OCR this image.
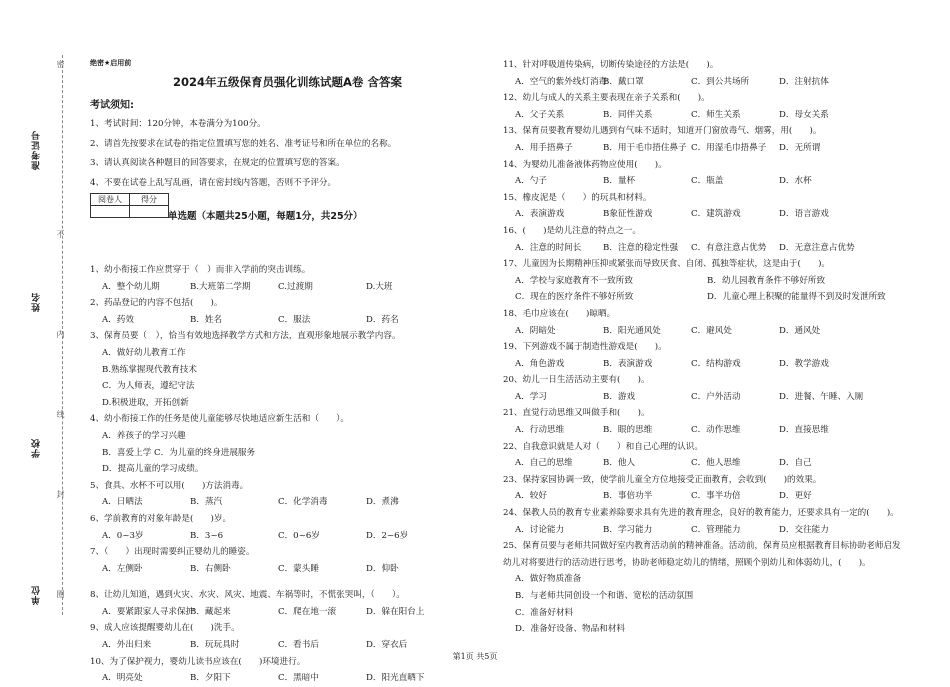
准考证号
姓名
学校
单位
密
不
内
线
封
圈
绝密★启用前
2024年五级保育员强化训练试题A卷 含答案
考试须知:
1、考试时间：120分钟，本卷满分为100分。
2、请首先按要求在试卷的指定位置填写您的姓名、准考证号和所在单位的名称。
3、请认真阅读各种题目的回答要求，在规定的位置填写您的答案。
4、不要在试卷上乱写乱画，请在密封线内答题，否则不予评分。
阅卷人	得分

单选题（本题共25小题，每题1分，共25分）
1、幼小衔接工作应贯穿于（　）而非入学前的突击训练。
A．整个幼儿期	B.大班第二学期	C.过渡期	D.大班
2、药品登记的内容不包括(　　)。
A．药效	B．姓名	C．服法	D．药名
3、保育员要（　），恰当有效地选择教学方式和方法，直观形象地展示教学内容。
A．做好幼儿教育工作
B.熟练掌握现代教育技术
C．为人师表，遵纪守法
D.积极进取，开拓创新
4、幼小衔接工作的任务是使儿童能够尽快地适应新生活和（　　）。
A．养孩子的学习兴趣
B．喜爱上学 C．为儿童的终身进展服务
D．提高儿童的学习成绩。
5、食具、水杯不可以用(　　)方法消毒。
A．日晒法	B．蒸汽	C．化学消毒	D．煮沸
6、学前教育的对象年龄是(　　)岁。
A．0~3岁	B．3~6	C．0~6岁	D．2~6岁
7、（　　）出现时需要纠正婴幼儿的睡姿。
A．左侧卧	B．右侧卧	C．蒙头睡	D．仰卧
8、让幼儿知道，遇到火灾、水灾、风灾、地震、车祸等时，不慌张哭叫，（　　）。
A．要紧跟家人寻求保护
B．藏起来	C．爬在地一滚	D．躲在阳台上
9、成人应该提醒婴幼儿在(　　)洗手。
A．外出归来	B．玩玩具时	C．看书后	D．穿衣后
10、为了保护视力，婴幼儿读书应该在(　　)环境进行。
A．明亮处	B．夕阳下	C．黑暗中	D．阳光直晒下
11、针对呼吸道传染病，切断传染途径的方法是(　　)。
A．空气的紫外线灯消毒
B．戴口罩	C．到公共场所	D．注射抗体
12、幼儿与成人的关系主要表现在亲子关系和(　　)。
A．父子关系	B．同伴关系	C．师生关系	D．母女关系
13、保育员要教育婴幼儿遇到有气味不适时，知道开门窗放毒气、烟雾，用(　　)。
A．用手捂鼻子	B．用干毛巾捂住鼻子 C．用湿毛巾捂鼻子	D．无所谓
14、为婴幼儿准备液体药物应使用(　　)。
A．勺子	B．量杯	C．瓶盖	D．水杯
15、橡皮泥是（　　）的玩具和材料。
A．表演游戏	B象征性游戏	C．建筑游戏	D．语言游戏
16、(　　)是幼儿注意的特点之一。
A．注意的时间长	B．注意的稳定性强	C．有意注意占优势	D．无意注意占优势
17、儿童因为长期精神压抑或紧张而导致厌食、自闭、孤独等症状，这是由于(　　)。
A．学校与家庭教育不一致所致	B．幼儿园教育条件不够好所致
C．现在的医疗条件不够好所致	D．儿童心理上积聚的能量得不到及时发泄所致
18、毛巾应该在(　　)晾晒。
A．阴暗处	B．阳光通风处	C．避风处	D．通风处
19、下列游戏不属于制造性游戏是(　　)。
A．角色游戏	B．表演游戏	C．结构游戏	D．教学游戏
20、幼儿一日生活活动主要有(　　)。
A．学习	B．游戏	C．户外活动	D．进餐、午睡、入厕
21、直觉行动思维又叫做手和(　　)。
A．行动思维	B．眼的思维	C．动作思维	D．直接思维
22、自我意识就是人对（　　）和自己心理的认识。
A．自己的思维	B．他人	C．他人思维	D．自己
23、保持家园协调一致，使学前儿童全方位地接受正面教育，会收到(　　)的效果。
A．较好	B．事倍功半	C．事半功倍	D．更好
24、保教人员的教育专业素养除要求具有先进的教育理念，良好的教育能力，还要求具有一定的(　　)。
A．讨论能力	B．学习能力	C．管理能力	D．交往能力
25、保育员要与老师共同做好室内教育活动前的精神准备。活动前，保育员应根据教育目标协助老师启发幼儿对将要进行的活动进行思考，协助老师稳定幼儿的情绪，照顾个别幼儿和体弱幼儿，(　　)。
A．做好物质准备
B．与老师共同创设一个和谐、宽松的活动氛围
C．准备好材料
D．准备好设备、物品和材料
第1页 共5页
